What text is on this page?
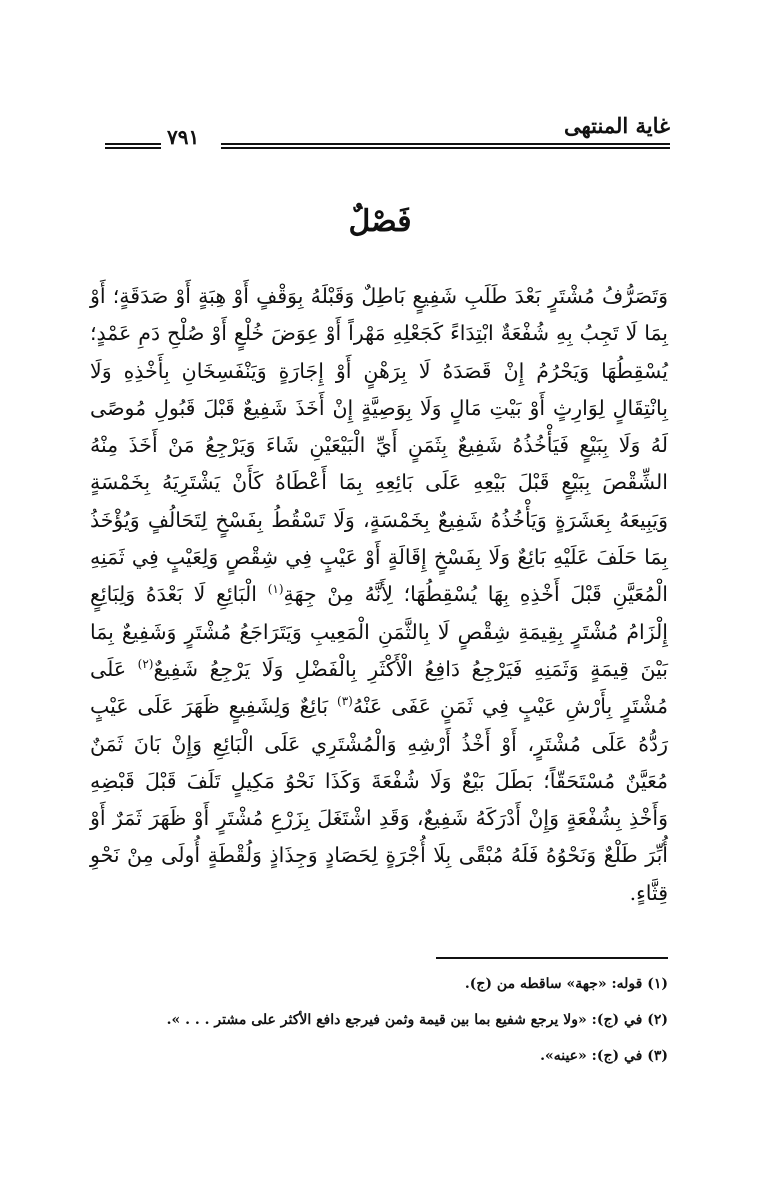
غاية المنتهى
٧٩١
فَصْلٌ

وَتَصَرُّفُ مُشْتَرٍ بَعْدَ طَلَبِ شَفِيعٍ بَاطِلٌ وَقَبْلَهُ بِوَقْفٍ أَوْ هِبَةٍ أَوْ صَدَقَةٍ؛ أَوْ بِمَا لَا تَجِبُ بِهِ شُفْعَةٌ ابْتِدَاءً كَجَعْلِهِ مَهْراً أَوْ عِوَضَ خُلْعٍ أَوْ صُلْحِ دَمِ عَمْدٍ؛ يُسْقِطُهَا وَيَحْرُمُ إِنْ قَصَدَهُ لَا بِرَهْنٍ أَوْ إِجَارَةٍ وَيَنْفَسِخَانِ بِأَخْذِهِ وَلَا بِانْتِقَالٍ لِوَارِثٍ أَوْ بَيْتِ مَالٍ وَلَا بِوَصِيَّةٍ إِنْ أَخَذَ شَفِيعٌ قَبْلَ قَبُولِ مُوصًى لَهُ وَلَا بِبَيْعٍ فَيَأْخُذُهُ شَفِيعٌ بِثَمَنٍ أَيِّ الْبَيْعَيْنِ شَاءَ وَيَرْجِعُ مَنْ أَخَذَ مِنْهُ الشِّقْصَ بِبَيْعٍ قَبْلَ بَيْعِهِ عَلَى بَائِعِهِ بِمَا أَعْطَاهُ كَأَنْ يَشْتَرِيَهُ بِخَمْسَةٍ وَيَبِيعَهُ بِعَشَرَةٍ وَيَأْخُذُهُ شَفِيعٌ بِخَمْسَةٍ، وَلَا تَسْقُطُ بِفَسْخٍ لِتَحَالُفٍ وَيُؤْخَذُ بِمَا حَلَفَ عَلَيْهِ بَائِعٌ وَلَا بِفَسْخٍ إِقَالَةٍ أَوْ عَيْبٍ فِي شِقْصٍ وَلِعَيْبٍ فِي ثَمَنِهِ الْمُعَيَّنِ قَبْلَ أَخْذِهِ بِهَا يُسْقِطُهَا؛ لِأَنَّهُ مِنْ جِهَةِ$^{(١)}$ الْبَائِعِ لَا بَعْدَهُ وَلِبَائِعٍ إِلْزَامُ مُشْتَرٍ بِقِيمَةِ شِقْصٍ لَا بِالثَّمَنِ الْمَعِيبِ وَيَتَرَاجَعُ مُشْتَرٍ وَشَفِيعٌ بِمَا بَيْنَ قِيمَةٍ وَثَمَنِهِ فَيَرْجِعُ دَافِعُ الْأَكْثَرِ بِالْفَضْلِ وَلَا يَرْجِعُ شَفِيعٌ$^{(٢)}$ عَلَى مُشْتَرٍ بِأَرْشِ عَيْبٍ فِي ثَمَنٍ عَفَى عَنْهُ$^{(٣)}$ بَائِعٌ وَلِشَفِيعٍ ظَهَرَ عَلَى عَيْبٍ رَدُّهُ عَلَى مُشْتَرٍ، أَوْ أَخْذُ أَرْشِهِ وَالْمُشْتَرِي عَلَى الْبَائِعِ وَإِنْ بَانَ ثَمَنٌ مُعَيَّنٌ مُسْتَحَقّاً؛ بَطَلَ بَيْعٌ وَلَا شُفْعَةَ وَكَذَا نَحْوُ مَكِيلٍ تَلَفَ قَبْلَ قَبْضِهِ وَأَخْذِ بِشُفْعَةٍ وَإِنْ أَدْرَكَهُ شَفِيعٌ، وَقَدِ اشْتَغَلَ بِزَرْعِ مُشْتَرٍ أَوْ ظَهَرَ ثَمَرٌ أَوْ أُبِّرَ طَلْعٌ وَنَحْوُهُ فَلَهُ مُبْقًى بِلَا أُجْرَةٍ لِحَصَادٍ وَجِذَاذٍ وَلُقْطَةٍ أُولَى مِنْ نَحْوِ قِثَّاءٍ.

(١) قوله: «جهة» ساقطه من (ج).

(٢) في (ج): «ولا يرجع شفيع بما بين قيمة وثمن فيرجع دافع الأكثر على مشتر . . . ».

(٣) في (ج): «عينه».
